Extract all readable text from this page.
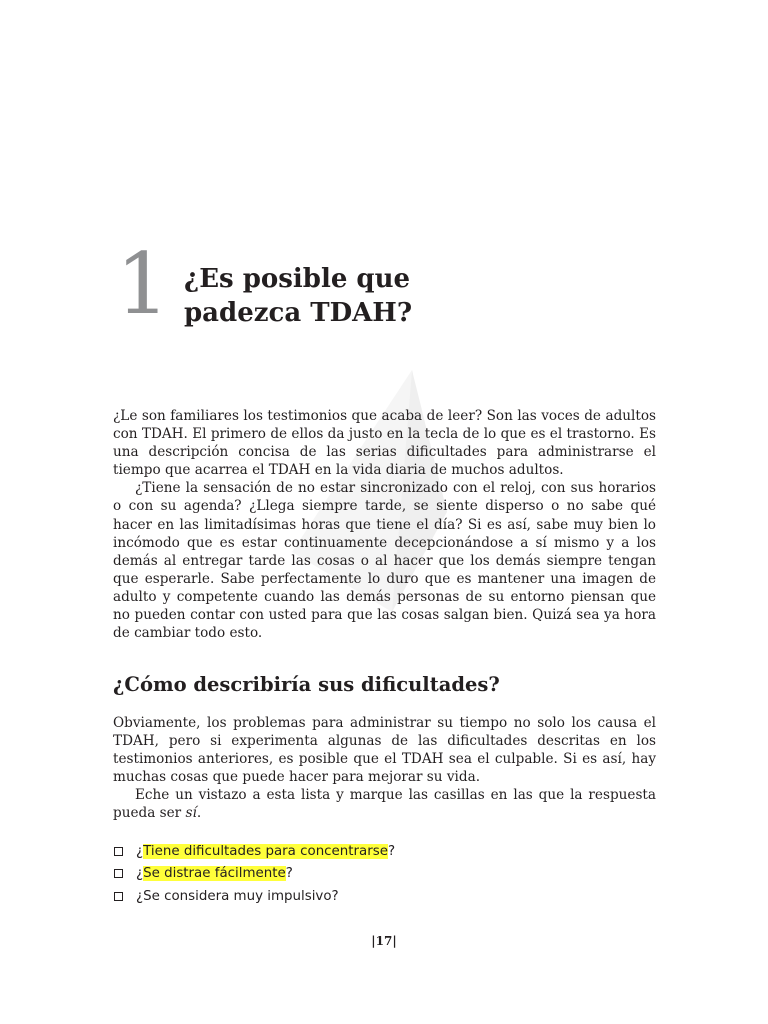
1 ¿Es posible que padezca TDAH?

¿Le son familiares los testimonios que acaba de leer? Son las voces de adultos con TDAH. El primero de ellos da justo en la tecla de lo que es el trastorno. Es una descripción concisa de las serias dificultades para administrarse el tiempo que acarrea el TDAH en la vida diaria de muchos adultos.

¿Tiene la sensación de no estar sincronizado con el reloj, con sus horarios o con su agenda? ¿Llega siempre tarde, se siente disperso o no sabe qué hacer en las limitadísimas horas que tiene el día? Si es así, sabe muy bien lo incómodo que es estar continuamente decepcionándose a sí mismo y a los demás al entregar tarde las cosas o al hacer que los demás siempre tengan que esperarle. Sabe perfectamente lo duro que es mantener una imagen de adulto y competente cuando las demás personas de su entorno piensan que no pueden contar con usted para que las cosas salgan bien. Quizá sea ya hora de cambiar todo esto.

¿Cómo describiría sus dificultades?

Obviamente, los problemas para administrar su tiempo no solo los causa el TDAH, pero si experimenta algunas de las dificultades descritas en los testimonios anteriores, es posible que el TDAH sea el culpable. Si es así, hay muchas cosas que puede hacer para mejorar su vida.

Eche un vistazo a esta lista y marque las casillas en las que la respuesta pueda ser sí.

¿Tiene dificultades para concentrarse?
¿Se distrae fácilmente?
¿Se considera muy impulsivo?
|17|
